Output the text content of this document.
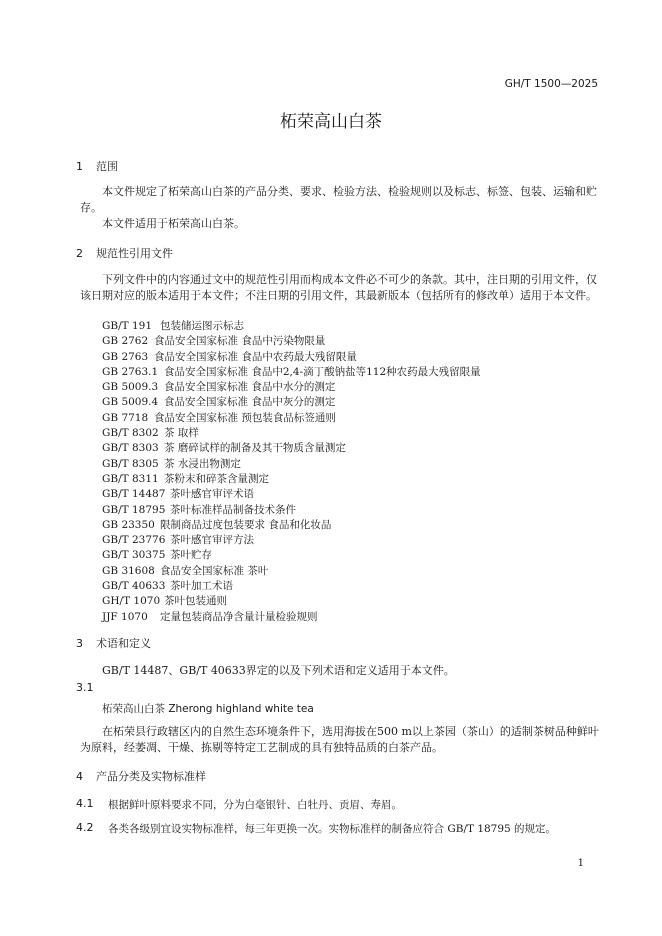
GH/T 1500—2025
柘荣高山白茶
1 范围
本文件规定了柘荣高山白茶的产品分类、要求、检验方法、检验规则以及标志、标签、包装、运输和贮存。
本文件适用于柘荣高山白茶。
2 规范性引用文件
下列文件中的内容通过文中的规范性引用而构成本文件必不可少的条款。其中，注日期的引用文件，仅该日期对应的版本适用于本文件；不注日期的引用文件，其最新版本（包括所有的修改单）适用于本文件。
GB/T 191 包装储运图示标志
GB 2762 食品安全国家标准 食品中污染物限量
GB 2763 食品安全国家标准 食品中农药最大残留限量
GB 2763.1 食品安全国家标准 食品中2,4-滴丁酸钠盐等112种农药最大残留限量
GB 5009.3 食品安全国家标准 食品中水分的测定
GB 5009.4 食品安全国家标准 食品中灰分的测定
GB 7718 食品安全国家标准 预包装食品标签通则
GB/T 8302 茶 取样
GB/T 8303 茶 磨碎试样的制备及其干物质含量测定
GB/T 8305 茶 水浸出物测定
GB/T 8311 茶粉末和碎茶含量测定
GB/T 14487 茶叶感官审评术语
GB/T 18795 茶叶标准样品制备技术条件
GB 23350 限制商品过度包装要求 食品和化妆品
GB/T 23776 茶叶感官审评方法
GB/T 30375 茶叶贮存
GB 31608 食品安全国家标准 茶叶
GB/T 40633 茶叶加工术语
GH/T 1070 茶叶包装通则
JJF 1070 定量包装商品净含量计量检验规则
3 术语和定义
GB/T 14487、GB/T 40633界定的以及下列术语和定义适用于本文件。
3.1
柘荣高山白茶 Zherong highland white tea
在柘荣县行政辖区内的自然生态环境条件下，选用海拔在500 m以上茶园（茶山）的适制茶树品种鲜叶为原料，经萎凋、干燥、拣剔等特定工艺制成的具有独特品质的白茶产品。
4 产品分类及实物标准样
4.1 根据鲜叶原料要求不同，分为白毫银针、白牡丹、贡眉、寿眉。
4.2 各类各级别宜设实物标准样，每三年更换一次。实物标准样的制备应符合 GB/T 18795 的规定。
1
